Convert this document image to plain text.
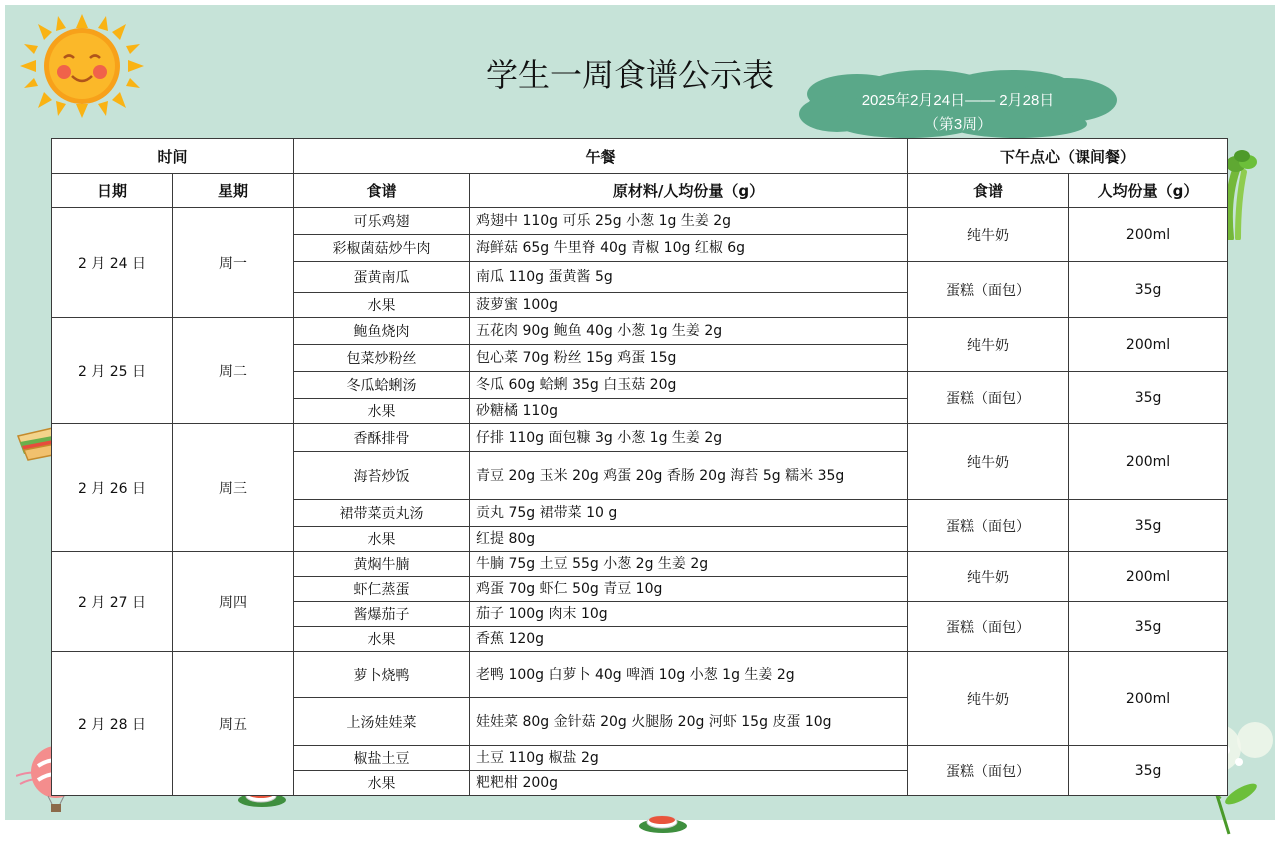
学生一周食谱公示表
2025年2月24日—— 2月28日
（第3周）
时间		午餐		下午点心（课间餐）	
日期	星期	食谱	原材料/人均份量（g）	食谱	人均份量（g）
2 月 24 日	周一	可乐鸡翅	鸡翅中 110g 可乐 25g 小葱 1g 生姜 2g	纯牛奶	200ml
		彩椒菌菇炒牛肉	海鲜菇 65g 牛里脊 40g 青椒 10g 红椒 6g		
		蛋黄南瓜	南瓜 110g 蛋黄酱 5g	蛋糕（面包）	35g
		水果	菠萝蜜 100g		
2 月 25 日	周二	鲍鱼烧肉	五花肉 90g 鲍鱼 40g 小葱 1g 生姜 2g	纯牛奶	200ml
		包菜炒粉丝	包心菜 70g 粉丝 15g 鸡蛋 15g		
		冬瓜蛤蜊汤	冬瓜 60g 蛤蜊 35g 白玉菇 20g	蛋糕（面包）	35g
		水果	砂糖橘 110g		
2 月 26 日	周三	香酥排骨	仔排 110g 面包糠 3g 小葱 1g 生姜 2g	纯牛奶	200ml
		海苔炒饭	青豆 20g 玉米 20g 鸡蛋 20g 香肠 20g 海苔 5g 糯米 35g		
		裙带菜贡丸汤	贡丸 75g 裙带菜 10 g	蛋糕（面包）	35g
		水果	红提 80g		
2 月 27 日	周四	黄焖牛腩	牛腩 75g 土豆 55g 小葱 2g 生姜 2g	纯牛奶	200ml
		虾仁蒸蛋	鸡蛋 70g 虾仁 50g 青豆 10g		
		酱爆茄子	茄子 100g 肉末 10g	蛋糕（面包）	35g
		水果	香蕉 120g		
2 月 28 日	周五	萝卜烧鸭	老鸭 100g 白萝卜 40g 啤酒 10g 小葱 1g 生姜 2g	纯牛奶	200ml
		上汤娃娃菜	娃娃菜 80g 金针菇 20g 火腿肠 20g 河虾 15g 皮蛋 10g		
		椒盐土豆	土豆 110g 椒盐 2g	蛋糕（面包）	35g
		水果	粑粑柑 200g		
